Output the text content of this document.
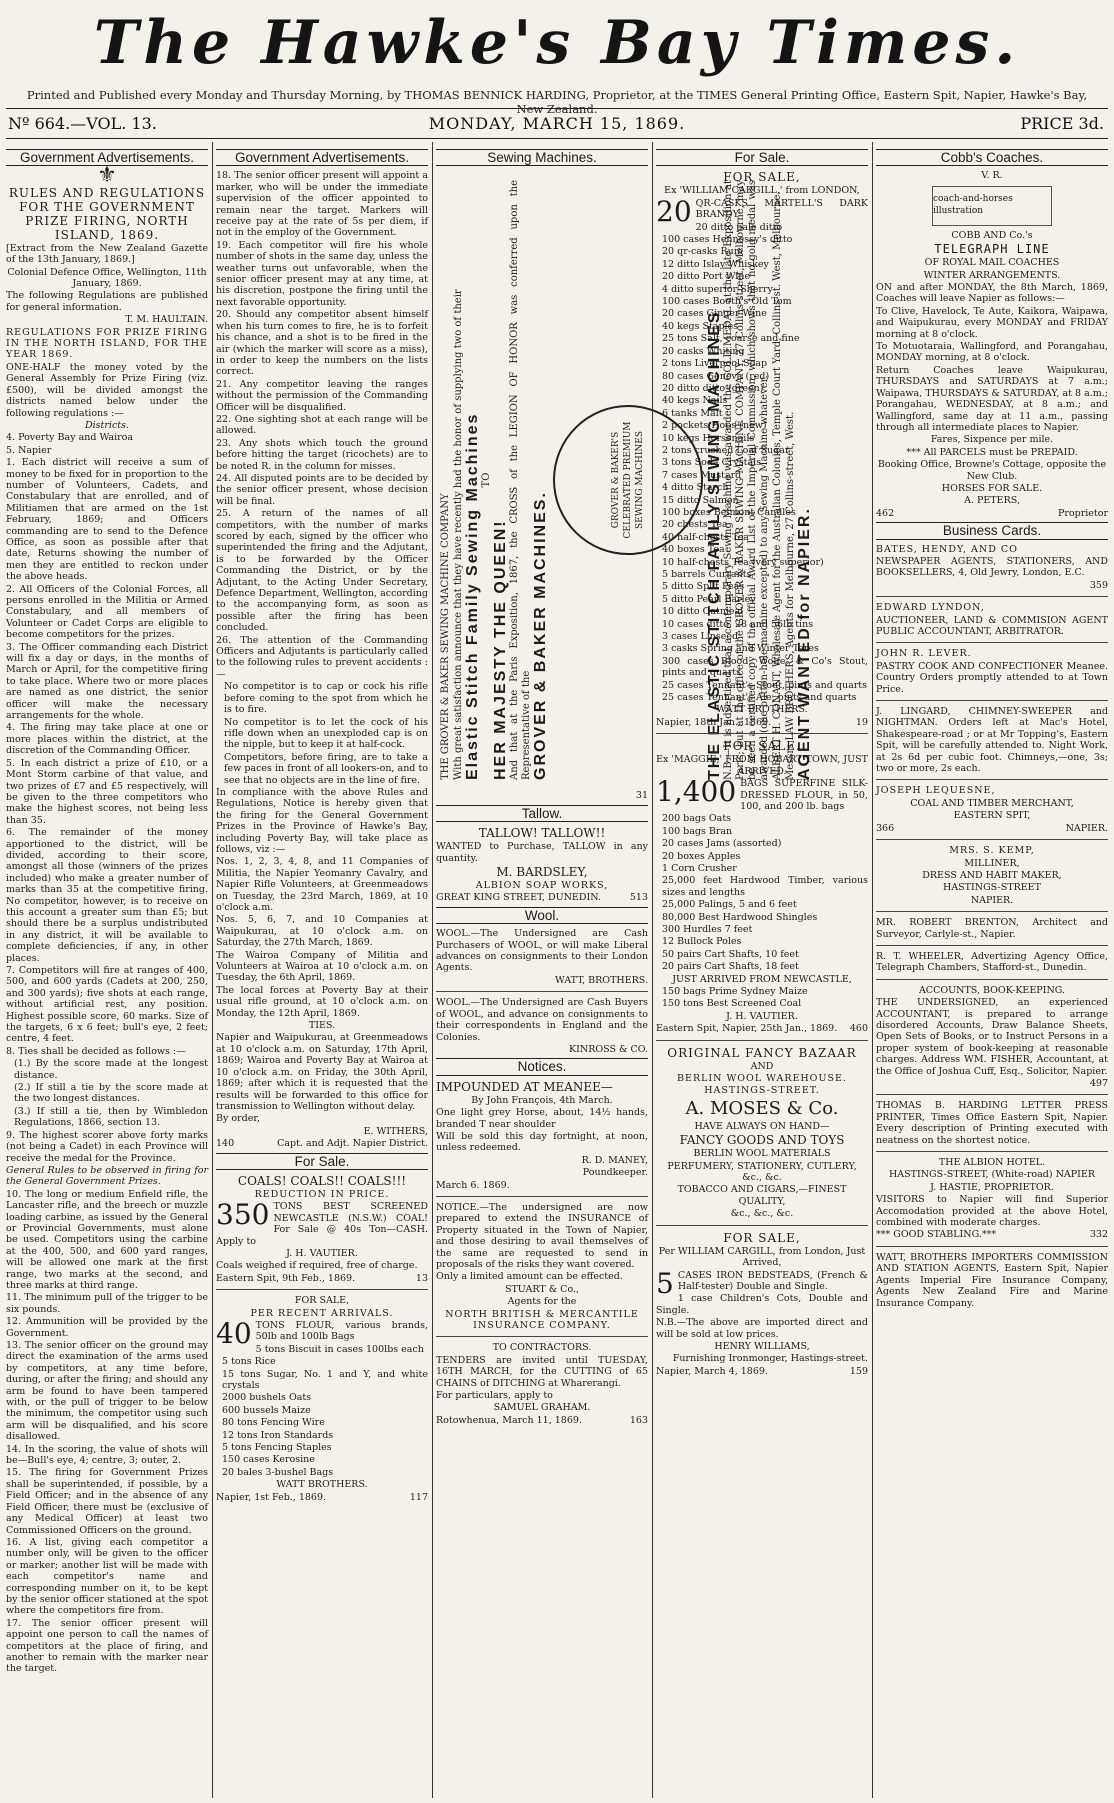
The Hawke's Bay Times.
Printed and Published every Monday and Thursday Morning, by THOMAS BENNICK HARDING, Proprietor, at the TIMES General Printing Office, Eastern Spit, Napier, Hawke's Bay, New Zealand.
MONDAY, MARCH 15, 1869.
Nº 664.—VOL. 13.	PRICE 3d.
Government Advertisements.
⚜

RULES AND REGULATIONS FOR THE GOVERNMENT PRIZE FIRING, NORTH ISLAND, 1869.

[Extract from the New Zealand Gazette of the 13th January, 1869.]

Colonial Defence Office, Wellington, 11th January, 1869.

The following Regulations are published for general information.

T. M. HAULTAIN.

REGULATIONS FOR PRIZE FIRING IN THE NORTH ISLAND, FOR THE YEAR 1869.

ONE-HALF the money voted by the General Assembly for Prize Firing (viz. £500), will be divided amongst the districts named below under the following regulations :—

Districts.

4. Poverty Bay and Wairoa

5. Napier

1. Each district will receive a sum of money to be fixed for in proportion to the number of Volunteers, Cadets, and Constabulary that are enrolled, and of Militiamen that are armed on the 1st February, 1869; and Officers commanding are to send to the Defence Office, as soon as possible after that date, Returns showing the number of men they are entitled to reckon under the above heads.

2. All Officers of the Colonial Forces, all persons enrolled in the Militia or Armed Constabulary, and all members of Volunteer or Cadet Corps are eligible to become competitors for the prizes.

3. The Officer commanding each District will fix a day or days, in the months of March or April, for the competitive firing to take place. Where two or more places are named as one district, the senior officer will make the necessary arrangements for the whole.

4. The firing may take place at one or more places within the district, at the discretion of the Commanding Officer.

5. In each district a prize of £10, or a Mont Storm carbine of that value, and two prizes of £7 and £5 respectively, will be given to the three competitors who make the highest scores, not being less than 35.

6. The remainder of the money apportioned to the district, will be divided, according to their score, amongst all those (winners of the prizes included) who make a greater number of marks than 35 at the competitive firing. No competitor, however, is to receive on this account a greater sum than £5; but should there be a surplus undistributed in any district, it will be available to complete deficiencies, if any, in other places.

7. Competitors will fire at ranges of 400, 500, and 600 yards (Cadets at 200, 250, and 300 yards); five shots at each range, without artificial rest, any position. Highest possible score, 60 marks. Size of the targets, 6 x 6 feet; bull's eye, 2 feet; centre, 4 feet.

8. Ties shall be decided as follows :—

(1.) By the score made at the longest distance.

(2.) If still a tie by the score made at the two longest distances.

(3.) If still a tie, then by Wimbledon Regulations, 1866, section 13.

9. The highest scorer above forty marks (not being a Cadet) in each Province will receive the medal for the Province.

General Rules to be observed in firing for the General Government Prizes.

10. The long or medium Enfield rifle, the Lancaster rifle, and the breech or muzzle loading carbine, as issued by the General or Provincial Governments, must alone be used. Competitors using the carbine at the 400, 500, and 600 yard ranges, will be allowed one mark at the first range, two marks at the second, and three marks at third range.

11. The minimum pull of the trigger to be six pounds.

12. Ammunition will be provided by the Government.

13. The senior officer on the ground may direct the examination of the arms used by competitors, at any time before, during, or after the firing; and should any arm be found to have been tampered with, or the pull of trigger to be below the minimum, the competitor using such arm will be disqualified, and his score disallowed.

14. In the scoring, the value of shots will be—Bull's eye, 4; centre, 3; outer, 2.

15. The firing for Government Prizes shall be superintended, if possible, by a Field Officer; and in the absence of any Field Officer, there must be (exclusive of any Medical Officer) at least two Commissioned Officers on the ground.

16. A list, giving each competitor a number only, will be given to the officer or marker; another list will be made with each competitor's name and corresponding number on it, to be kept by the senior officer stationed at the spot where the competitors fire from.

17. The senior officer present will appoint one person to call the names of competitors at the place of firing, and another to remain with the marker near the target.

Government Advertisements.

18. The senior officer present will appoint a marker, who will be under the immediate supervision of the officer appointed to remain near the target. Markers will receive pay at the rate of 5s per diem, if not in the employ of the Government.

19. Each competitor will fire his whole number of shots in the same day, unless the weather turns out unfavorable, when the senior officer present may at any time, at his discretion, postpone the firing until the next favorable opportunity.

20. Should any competitor absent himself when his turn comes to fire, he is to forfeit his chance, and a shot is to be fired in the air (which the marker will score as a miss), in order to keep the numbers on the lists correct.

21. Any competitor leaving the ranges without the permission of the Commanding Officer will be disqualified.

22. One sighting shot at each range will be allowed.

23. Any shots which touch the ground before hitting the target (ricochets) are to be noted R. in the column for misses.

24. All disputed points are to be decided by the senior officer present, whose decision will be final.

25. A return of the names of all competitors, with the number of marks scored by each, signed by the officer who superintended the firing and the Adjutant, is to be forwarded by the Officer Commanding the District, or by the Adjutant, to the Acting Under Secretary, Defence Department, Wellington, according to the accompanying form, as soon as possible after the firing has been concluded.

26. The attention of the Commanding Officers and Adjutants is particularly called to the following rules to prevent accidents :—

No competitor is to cap or cock his rifle before coming to the spot from which he is to fire.

No competitor is to let the cock of his rifle down when an unexploded cap is on the nipple, but to keep it at half-cock.

Competitors, before firing, are to take a few paces in front of all lookers-on, and to see that no objects are in the line of fire.

In compliance with the above Rules and Regulations, Notice is hereby given that the firing for the General Government Prizes in the Province of Hawke's Bay, including Poverty Bay, will take place as follows, viz :—

Nos. 1, 2, 3, 4, 8, and 11 Companies of Militia, the Napier Yeomanry Cavalry, and Napier Rifle Volunteers, at Greenmeadows on Tuesday, the 23rd March, 1869, at 10 o'clock a.m.

Nos. 5, 6, 7, and 10 Companies at Waipukurau, at 10 o'clock a.m. on Saturday, the 27th March, 1869.

The Wairoa Company of Militia and Volunteers at Wairoa at 10 o'clock a.m. on Tuesday, the 6th April, 1869.

The local forces at Poverty Bay at their usual rifle ground, at 10 o'clock a.m. on Monday, the 12th April, 1869.

TIES.

Napier and Waipukurau, at Greenmeadows at 10 o'clock a.m. on Saturday, 17th April, 1869; Wairoa and Poverty Bay at Wairoa at 10 o'clock a.m. on Friday, the 30th April, 1869; after which it is requested that the results will be forwarded to this office for transmission to Wellington without delay.

By order,

E. WITHERS,

140	Capt. and Adjt. Napier District.

For Sale.

COALS! COALS!! COALS!!!

REDUCTION IN PRICE.

350 TONS BEST SCREENED NEWCASTLE (N.S.W.) COAL! For Sale @ 40s Ton—CASH. Apply to

J. H. VAUTIER.

Coals weighed if required, free of charge.

Eastern Spit, 9th Feb., 1869.	13

FOR SALE,

PER RECENT ARRIVALS.

40 TONS FLOUR, various brands, 50lb and 100lb Bags

5 tons Biscuit in cases 100lbs each

5 tons Rice

15 tons Sugar, No. 1 and Y, and white crystals

2000 bushels Oats

600 bussels Maize

80 tons Fencing Wire

12 tons Iron Standards

5 tons Fencing Staples

150 cases Kerosine

20 bales 3-bushel Bags

WATT BROTHERS.

Napier, 1st Feb., 1869.	117

Sewing Machines.

THE GROVER & BAKER SEWING MACHINE COMPANY With great satisfaction announce that they have recently had the honor of supplying two of their Elastic Stitch Family Sewing Machines TO

HER MAJESTY THE QUEEN! And that at the Paris Exposition, 1867, the CROSS of the LEGION OF HONOR was conferred upon the Representative of the GROVER & BAKER MACHINES.

GROVER & BAKER'S CELEBRATED PREMIUM SEWING MACHINES	THE ELASTIC STITCH FAMILY SEWING MACHINES N.B.—It is advertized that a contemporary Sewing Machine was awarded the GOLD MEDAL at the late Exposition at Paris; but at the office of the GROVER & BAKER SEWING MACHINE COMPANY, 27 Collins-street, Melbourne, may be seen a certified copy of the official Award List of the Imperial Commission, which shows that no gold medal was awarded (one button-hole machine excepted) to any Sewing Machine whatever. ALBERT H. CONANT, Wholesale Agent for the Australian Colonies, Temple Court Yard, Collins-st. West, Melbourne. Messrs LAW BROTHERS, Agents for Melbourne, 27 Collins-street, West. AGENT WANTED for NAPIER.

31

Tallow.

TALLOW! TALLOW!!

WANTED to Purchase, TALLOW in any quantity.

M. BARDSLEY,

ALBION SOAP WORKS,

GREAT KING STREET, DUNEDIN.	513

Wool.

WOOL.—The Undersigned are Cash Purchasers of WOOL, or will make Liberal advances on consignments to their London Agents.

WATT, BROTHERS.

WOOL.—The Undersigned are Cash Buyers of WOOL, and advance on consignments to their correspondents in England and the Colonies.

KINROSS & CO.

Notices.

IMPOUNDED AT MEANEE—

By John François, 4th March.

One light grey Horse, about, 14½ hands, branded T near shoulder

Will be sold this day fortnight, at noon, unless redeemed.

R. D. MANEY,

Poundkeeper.

March 6. 1869.

NOTICE.—The undersigned are now prepared to extend the INSURANCE of Property situated in the Town of Napier, and those desiring to avail themselves of the same are requested to send in proposals of the risks they want covered.

Only a limited amount can be effected.

STUART & Co.,

Agents for the

NORTH BRITISH & MERCANTILE INSURANCE COMPANY.

TO CONTRACTORS.

TENDERS are invited until TUESDAY, 16TH MARCH, for the CUTTING of 65 CHAINS of DITCHING at Wharerangi.

For particulars, apply to

SAMUEL GRAHAM.

Rotowhenua, March 11, 1869.	163

For Sale.

FOR SALE,

Ex 'WILLIAM CARGILL,' from LONDON,

20 QR-CASKS MARTELL'S DARK BRANDY

20 ditto pale ditto

100 cases Hennessy's ditto

20 qr-casks Rum

12 ditto Islay Whiskey

20 ditto Port Wine

4 ditto superior Sherry

100 cases Booth's Old Tom

20 cases Ginger Wine

40 kegs Staples

25 tons Salt, coarse and fine

20 casks Whiting

2 tons Liverpool Soap

80 cases Geneva (red)

20 ditto ditto (green)

40 kegs Nails

6 tanks Malt

2 pockets Hops (new)

10 kegs Horsenails

2 tons crushed Loaf Sugar

3 tons Soda Crystals

7 cases Mustard

4 ditto Starch

15 ditto Salmon

100 boxes Belmont Candles

20 chests Tea

40 half-chests Tea

40 boxes Tea

10 half-chests Tea (very superior)

5 barrels Currants

5 ditto Split Peas

5 ditto Pearl Barley

10 ditto Oatmeal

10 cases ditto, 28 and 56lb tins

3 cases Linseed

3 casks Spring and Winter Tares

300 cases Blood, Wolfe, & Co's Stout, pints and quarts

25 cases Tennant's Stout, pints and quarts

25 cases Tennant's Ale, pints and quarts

WATT BROTHERS.

Napier, 18th Jan., 1869.	19

FOR SALE.

Ex 'MAGGIE,' FROM HOBART TOWN, JUST ARRIVED.

1,400 BAGS SUPERFINE SILK-DRESSED FLOUR, in 50, 100, and 200 lb. bags

200 bags Oats

100 bags Bran

20 cases Jams (assorted)

20 boxes Apples

1 Corn Crusher

25,000 feet Hardwood Timber, various sizes and lengths

25,000 Palings, 5 and 6 feet

80,000 Best Hardwood Shingles

300 Hurdles 7 feet

12 Bullock Poles

50 pairs Cart Shafts, 10 feet

20 pairs Cart Shafts, 18 feet

JUST ARRIVED FROM NEWCASTLE,

150 bags Prime Sydney Maize

150 tons Best Screened Coal

J. H. VAUTIER.

Eastern Spit, Napier, 25th Jan., 1869. 460

ORIGINAL FANCY BAZAAR

AND

BERLIN WOOL WAREHOUSE.

HASTINGS-STREET.

A. MOSES & Co.

HAVE ALWAYS ON HAND—

FANCY GOODS AND TOYS

BERLIN WOOL MATERIALS

PERFUMERY, STATIONERY, CUTLERY, &c., &c.

TOBACCO AND CIGARS,—FINEST QUALITY,

&c., &c., &c.

FOR SALE,

Per WILLIAM CARGILL, from London, Just Arrived,

5 CASES IRON BEDSTEADS, (French & Half-tester) Double and Single.

1 case Children's Cots, Double and Single.

N.B.—The above are imported direct and will be sold at low prices.

HENRY WILLIAMS,

Furnishing Ironmonger, Hastings-street.

Napier, March 4, 1869.	159

Cobb's Coaches.

V. R.

coach-and-horses illustration

COBB AND Co.'s

TELEGRAPH LINE

OF ROYAL MAIL COACHES

WINTER ARRANGEMENTS.

ON and after MONDAY, the 8th March, 1869, Coaches will leave Napier as follows:—

To Clive, Havelock, Te Aute, Kaikora, Waipawa, and Waipukurau, every MONDAY and FRIDAY morning at 8 o'clock.

To Motuotaraia, Wallingford, and Porangahau, MONDAY morning, at 8 o'clock.

Return Coaches leave Waipukurau, THURSDAYS and SATURDAYS at 7 a.m.; Waipawa, THURSDAYS & SATURDAY, at 8 a.m.; Porangahau, WEDNESDAY, at 8 a.m.; and Wallingford, same day at 11 a.m., passing through all intermediate places to Napier.

Fares, Sixpence per mile.

*** All PARCELS must be PREPAID.

Booking Office, Browne's Cottage, opposite the New Club.

HORSES FOR SALE.

A. PETERS,

462	Proprietor

Business Cards.

BATES, HENDY, AND CO

NEWSPAPER AGENTS, STATIONERS, AND BOOKSELLERS, 4, Old Jewry, London, E.C.

359

EDWARD LYNDON,

AUCTIONEER, LAND & COMMISION AGENT PUBLIC ACCOUNTANT, ARBITRATOR.

JOHN R. LEVER.

PASTRY COOK AND CONFECTIONER Meanee. Country Orders promptly attended to at Town Price.

J. LINGARD, CHIMNEY-SWEEPER and NIGHTMAN. Orders left at Mac's Hotel, Shakespeare-road ; or at Mr Topping's, Eastern Spit, will be carefully attended to. Night Work, at 2s 6d per cubic foot. Chimneys,—one, 3s; two or more, 2s each.

JOSEPH LEQUESNE,

COAL AND TIMBER MERCHANT,

EASTERN SPIT,

366	NAPIER.

MRS. S. KEMP,

MILLINER,

DRESS AND HABIT MAKER,

HASTINGS-STREET

NAPIER.

MR. ROBERT BRENTON, Architect and Surveyor, Carlyle-st., Napier.

R. T. WHEELER, Advertizing Agency Office, Telegraph Chambers, Stafford-st., Dunedin.

ACCOUNTS, BOOK-KEEPING.

THE UNDERSIGNED, an experienced ACCOUNTANT, is prepared to arrange disordered Accounts, Draw Balance Sheets, Open Sets of Books, or to Instruct Persons in a proper system of book-keeping at reasonable charges. Address WM. FISHER, Accountant, at the Office of Joshua Cuff, Esq., Solicitor, Napier.

497

THOMAS B. HARDING LETTER PRESS PRINTER, Times Office Eastern Spit, Napier. Every description of Printing executed with neatness on the shortest notice.

THE ALBION HOTEL.

HASTINGS-STREET, (White-road) NAPIER

J. HASTIE, PROPRIETOR.

VISITORS to Napier will find Superior Accomodation provided at the above Hotel, combined with moderate charges.

*** GOOD STABLING.***	332

WATT, BROTHERS IMPORTERS COMMISSION AND STATION AGENTS, Eastern Spit, Napier Agents Imperial Fire Insurance Company, Agents New Zealand Fire and Marine Insurance Company.
